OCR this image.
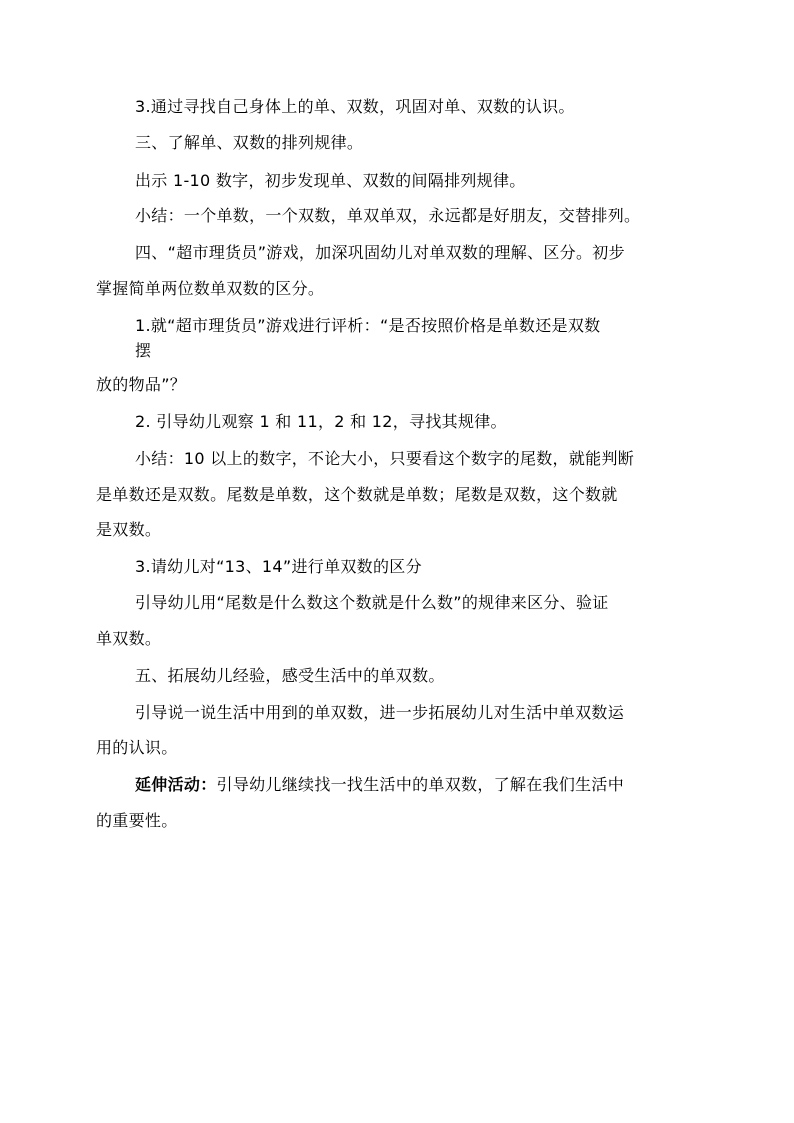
3.通过寻找自己身体上的单、双数，巩固对单、双数的认识。
三、了解单、双数的排列规律。
出示 1-10 数字，初步发现单、双数的间隔排列规律。
小结：一个单数，一个双数，单双单双，永远都是好朋友，交替排列。
四、“超市理货员”游戏，加深巩固幼儿对单双数的理解、区分。初步
掌握简单两位数单双数的区分。
1.就“超市理货员”游戏进行评析：“是否按照价格是单数还是双数
摆
放的物品”？
2. 引导幼儿观察 1 和 11，2 和 12，寻找其规律。
小结：10 以上的数字，不论大小，只要看这个数字的尾数，就能判断
是单数还是双数。尾数是单数，这个数就是单数；尾数是双数，这个数就
是双数。
3.请幼儿对“13、14”进行单双数的区分
引导幼儿用“尾数是什么数这个数就是什么数”的规律来区分、验证
单双数。
五、拓展幼儿经验，感受生活中的单双数。
引导说一说生活中用到的单双数，进一步拓展幼儿对生活中单双数运
用的认识。
延伸活动：引导幼儿继续找一找生活中的单双数，了解在我们生活中
的重要性。
